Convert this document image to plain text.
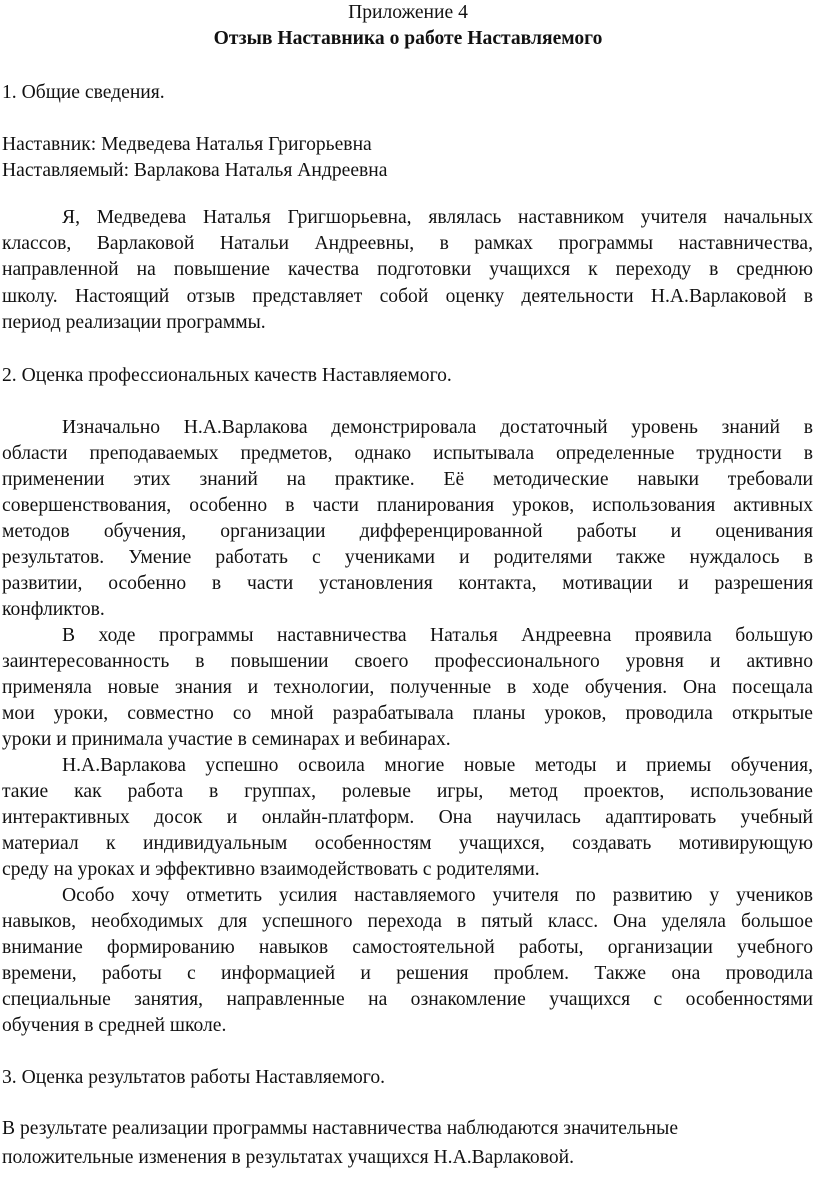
Приложение 4
Отзыв Наставника о работе Наставляемого
1. Общие сведения.
Наставник: Медведева Наталья Григорьевна
Наставляемый: Варлакова Наталья Андреевна
Я, Медведева Наталья Григшорьевна, являлась наставником учителя начальных
классов, Варлаковой Натальи Андреевны, в рамках программы наставничества,
направленной на повышение качества подготовки учащихся к переходу в среднюю
школу. Настоящий отзыв представляет собой оценку деятельности Н.А.Варлаковой в
период реализации программы.
2. Оценка профессиональных качеств Наставляемого.
Изначально Н.А.Варлакова демонстрировала достаточный уровень знаний в
области преподаваемых предметов, однако испытывала определенные трудности в
применении этих знаний на практике. Её методические навыки требовали
совершенствования, особенно в части планирования уроков, использования активных
методов обучения, организации дифференцированной работы и оценивания
результатов. Умение работать с учениками и родителями также нуждалось в
развитии, особенно в части установления контакта, мотивации и разрешения
конфликтов.
В ходе программы наставничества Наталья Андреевна проявила большую
заинтересованность в повышении своего профессионального уровня и активно
применяла новые знания и технологии, полученные в ходе обучения. Она посещала
мои уроки, совместно со мной разрабатывала планы уроков, проводила открытые
уроки и принимала участие в семинарах и вебинарах.
Н.А.Варлакова успешно освоила многие новые методы и приемы обучения,
такие как работа в группах, ролевые игры, метод проектов, использование
интерактивных досок и онлайн-платформ. Она научилась адаптировать учебный
материал к индивидуальным особенностям учащихся, создавать мотивирующую
среду на уроках и эффективно взаимодействовать с родителями.
Особо хочу отметить усилия наставляемого учителя по развитию у учеников
навыков, необходимых для успешного перехода в пятый класс. Она уделяла большое
внимание формированию навыков самостоятельной работы, организации учебного
времени, работы с информацией и решения проблем. Также она проводила
специальные занятия, направленные на ознакомление учащихся с особенностями
обучения в средней школе.
3. Оценка результатов работы Наставляемого.
В результате реализации программы наставничества наблюдаются значительные
положительные изменения в результатах учащихся Н.А.Варлаковой.
